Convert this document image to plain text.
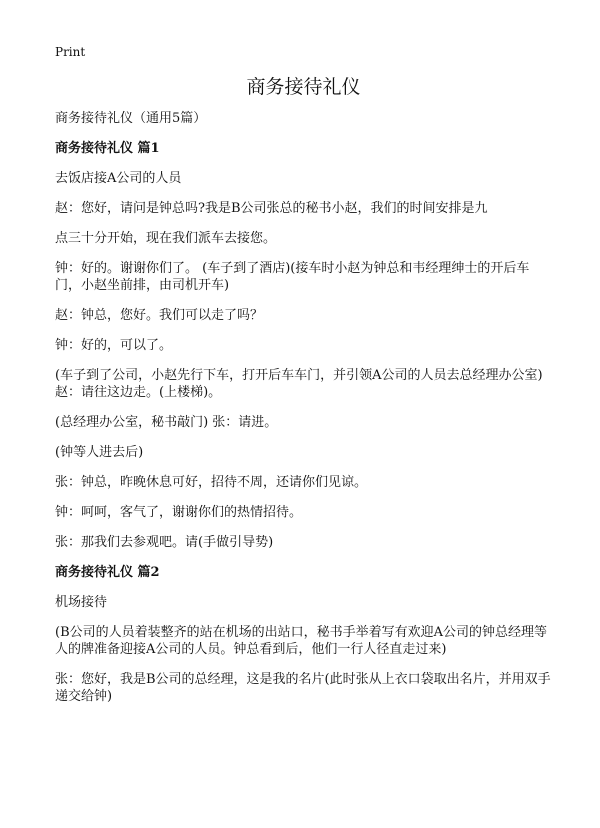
Print
商务接待礼仪
商务接待礼仪（通用5篇）
商务接待礼仪 篇1
去饭店接A公司的人员
赵：您好，请问是钟总吗?我是B公司张总的秘书小赵，我们的时间安排是九
点三十分开始，现在我们派车去接您。
钟：好的。谢谢你们了。 (车子到了酒店)(接车时小赵为钟总和韦经理绅士的开后车门，小赵坐前排，由司机开车)
赵：钟总，您好。我们可以走了吗？
钟：好的，可以了。
(车子到了公司，小赵先行下车，打开后车车门，并引领A公司的人员去总经理办公室) 赵：请往这边走。(上楼梯)。
(总经理办公室，秘书敲门) 张：请进。
(钟等人进去后)
张：钟总，昨晚休息可好，招待不周，还请你们见谅。
钟：呵呵，客气了，谢谢你们的热情招待。
张：那我们去参观吧。请(手做引导势)
商务接待礼仪 篇2
机场接待
(B公司的人员着装整齐的站在机场的出站口，秘书手举着写有欢迎A公司的钟总经理等人的牌准备迎接A公司的人员。钟总看到后，他们一行人径直走过来)
张：您好，我是B公司的总经理，这是我的名片(此时张从上衣口袋取出名片，并用双手递交给钟)
